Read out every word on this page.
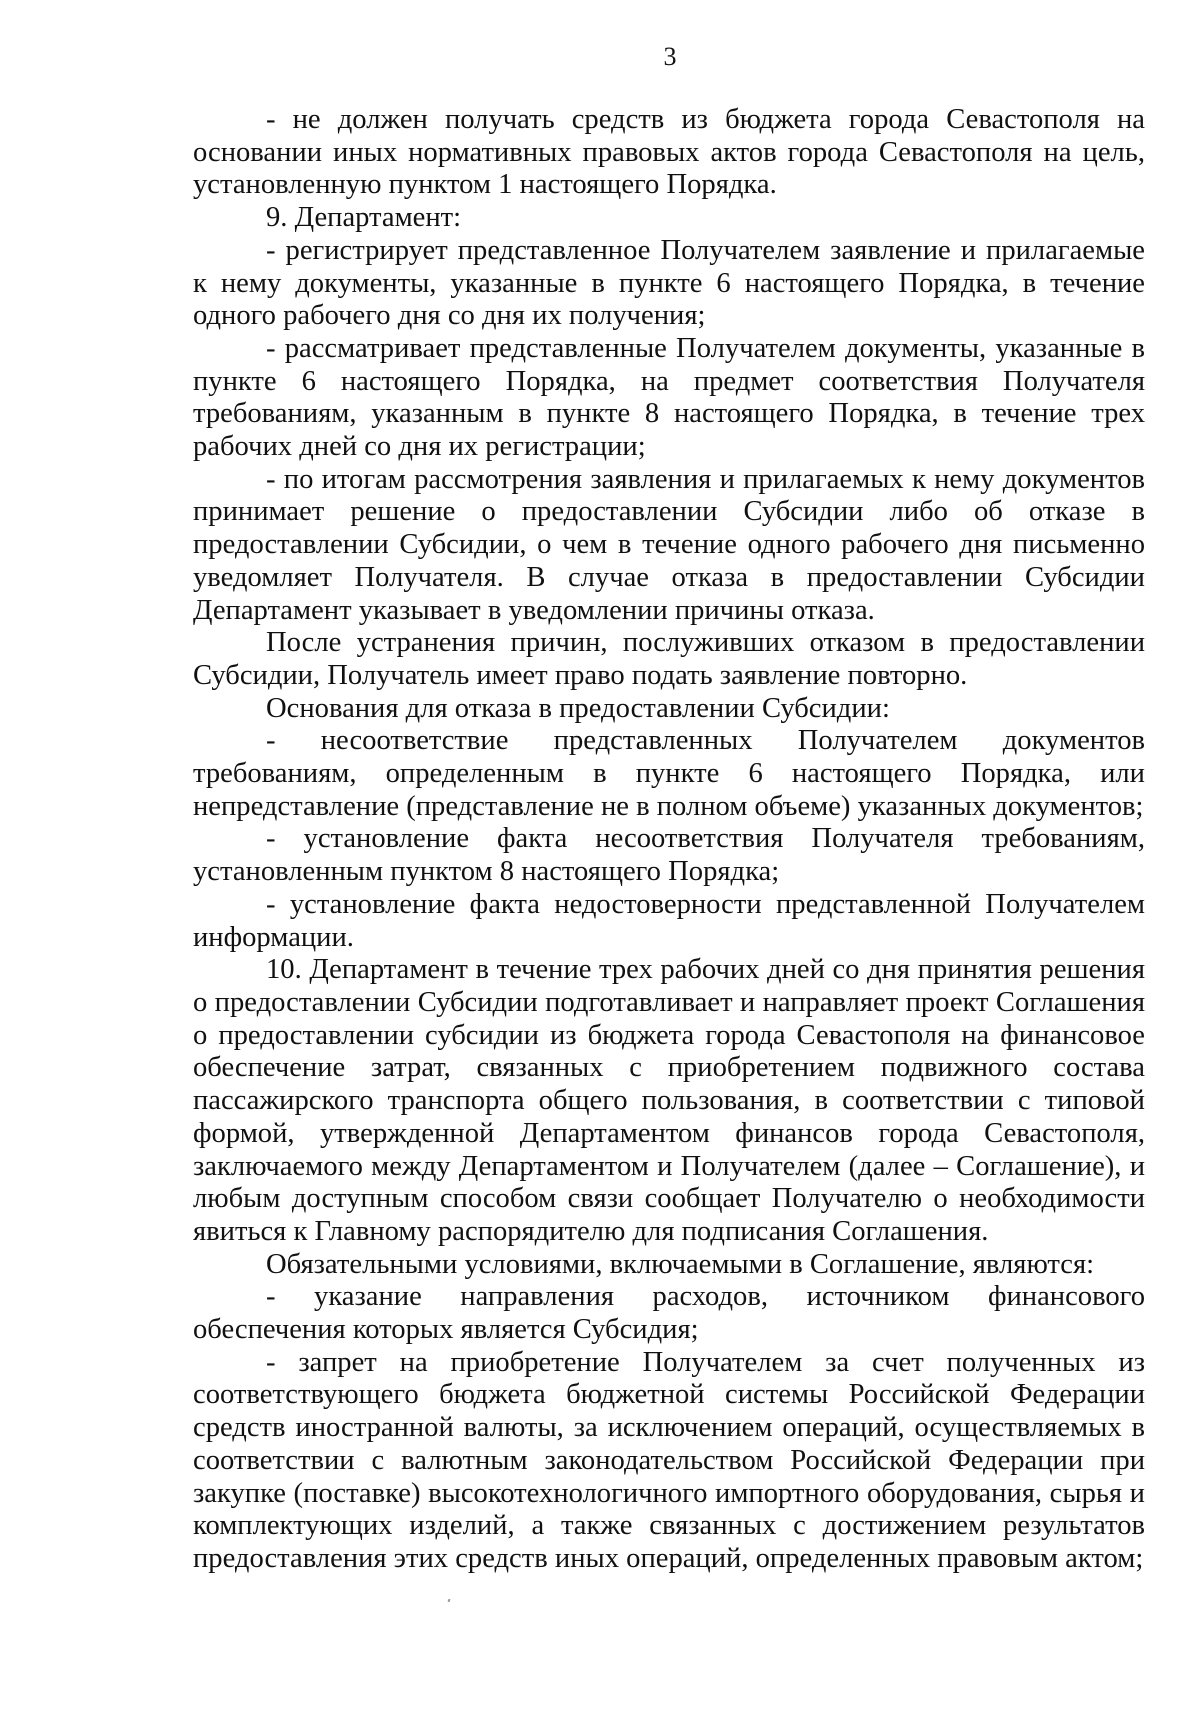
3

- не должен получать средств из бюджета города Севастополя на основании иных нормативных правовых актов города Севастополя на цель, установленную пунктом 1 настоящего Порядка.

9. Департамент:

- регистрирует представленное Получателем заявление и прилагаемые к нему документы, указанные в пункте 6 настоящего Порядка, в течение одного рабочего дня со дня их получения;

- рассматривает представленные Получателем документы, указанные в пункте 6 настоящего Порядка, на предмет соответствия Получателя требованиям, указанным в пункте 8 настоящего Порядка, в течение трех рабочих дней со дня их регистрации;

- по итогам рассмотрения заявления и прилагаемых к нему документов принимает решение о предоставлении Субсидии либо об отказе в предоставлении Субсидии, о чем в течение одного рабочего дня письменно уведомляет Получателя. В случае отказа в предоставлении Субсидии Департамент указывает в уведомлении причины отказа.

После устранения причин, послуживших отказом в предоставлении Субсидии, Получатель имеет право подать заявление повторно.

Основания для отказа в предоставлении Субсидии:

- несоответствие представленных Получателем документов требованиям, определенным в пункте 6 настоящего Порядка, или непредставление (представление не в полном объеме) указанных документов;

- установление факта несоответствия Получателя требованиям, установленным пунктом 8 настоящего Порядка;

- установление факта недостоверности представленной Получателем информации.

10. Департамент в течение трех рабочих дней со дня принятия решения о предоставлении Субсидии подготавливает и направляет проект Соглашения о предоставлении субсидии из бюджета города Севастополя на финансовое обеспечение затрат, связанных с приобретением подвижного состава пассажирского транспорта общего пользования, в соответствии с типовой формой, утвержденной Департаментом финансов города Севастополя, заключаемого между Департаментом и Получателем (далее – Соглашение), и любым доступным способом связи сообщает Получателю о необходимости явиться к Главному распорядителю для подписания Соглашения.

Обязательными условиями, включаемыми в Соглашение, являются:

- указание направления расходов, источником финансового обеспечения которых является Субсидия;

- запрет на приобретение Получателем за счет полученных из соответствующего бюджета бюджетной системы Российской Федерации средств иностранной валюты, за исключением операций, осуществляемых в соответствии с валютным законодательством Российской Федерации при закупке (поставке) высокотехнологичного импортного оборудования, сырья и комплектующих изделий, а также связанных с достижением результатов предоставления этих средств иных операций, определенных правовым актом;
